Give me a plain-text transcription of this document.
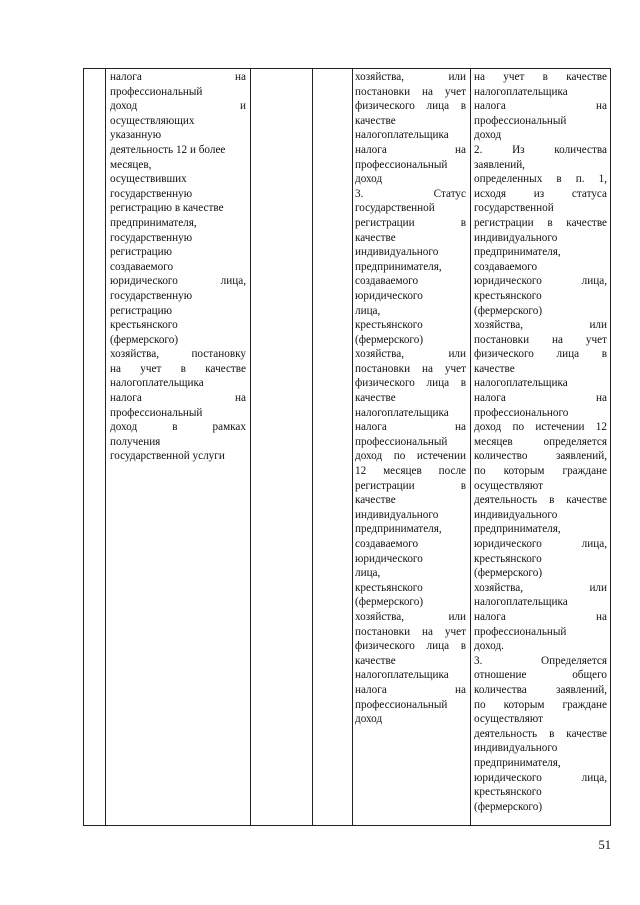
налога на
профессиональный
доход и
осуществляющих
указанную
деятельность 12 и более
месяцев,
осуществивших
государственную
регистрацию в качестве
предпринимателя,
государственную
регистрацию
создаваемого
юридического лица,
государственную
регистрацию
крестьянского
(фермерского)
хозяйства, постановку
на учет в качестве
налогоплательщика
налога на
профессиональный
доход в рамках
получения
государственной услуги
хозяйства, или
постановки на учет
физического лица в
качестве
налогоплательщика
налога на
профессиональный
доход
3. Статус
государственной
регистрации в
качестве
индивидуального
предпринимателя,
создаваемого
юридического
лица,
крестьянского
(фермерского)
хозяйства, или
постановки на учет
физического лица в
качестве
налогоплательщика
налога на
профессиональный
доход по истечении
12 месяцев после
регистрации в
качестве
индивидуального
предпринимателя,
создаваемого
юридического
лица,
крестьянского
(фермерского)
хозяйства, или
постановки на учет
физического лица в
качестве
налогоплательщика
налога на
профессиональный
доход
на учет в качестве
налогоплательщика
налога на
профессиональный
доход
2. Из количества
заявлений,
определенных в п. 1,
исходя из статуса
государственной
регистрации в качестве
индивидуального
предпринимателя,
создаваемого
юридического лица,
крестьянского
(фермерского)
хозяйства, или
постановки на учет
физического лица в
качестве
налогоплательщика
налога на
профессионального
доход по истечении 12
месяцев определяется
количество заявлений,
по которым граждане
осуществляют
деятельность в качестве
индивидуального
предпринимателя,
юридического лица,
крестьянского
(фермерского)
хозяйства, или
налогоплательщика
налога на
профессиональный
доход.
3. Определяется
отношение общего
количества заявлений,
по которым граждане
осуществляют
деятельность в качестве
индивидуального
предпринимателя,
юридического лица,
крестьянского
(фермерского)
51
